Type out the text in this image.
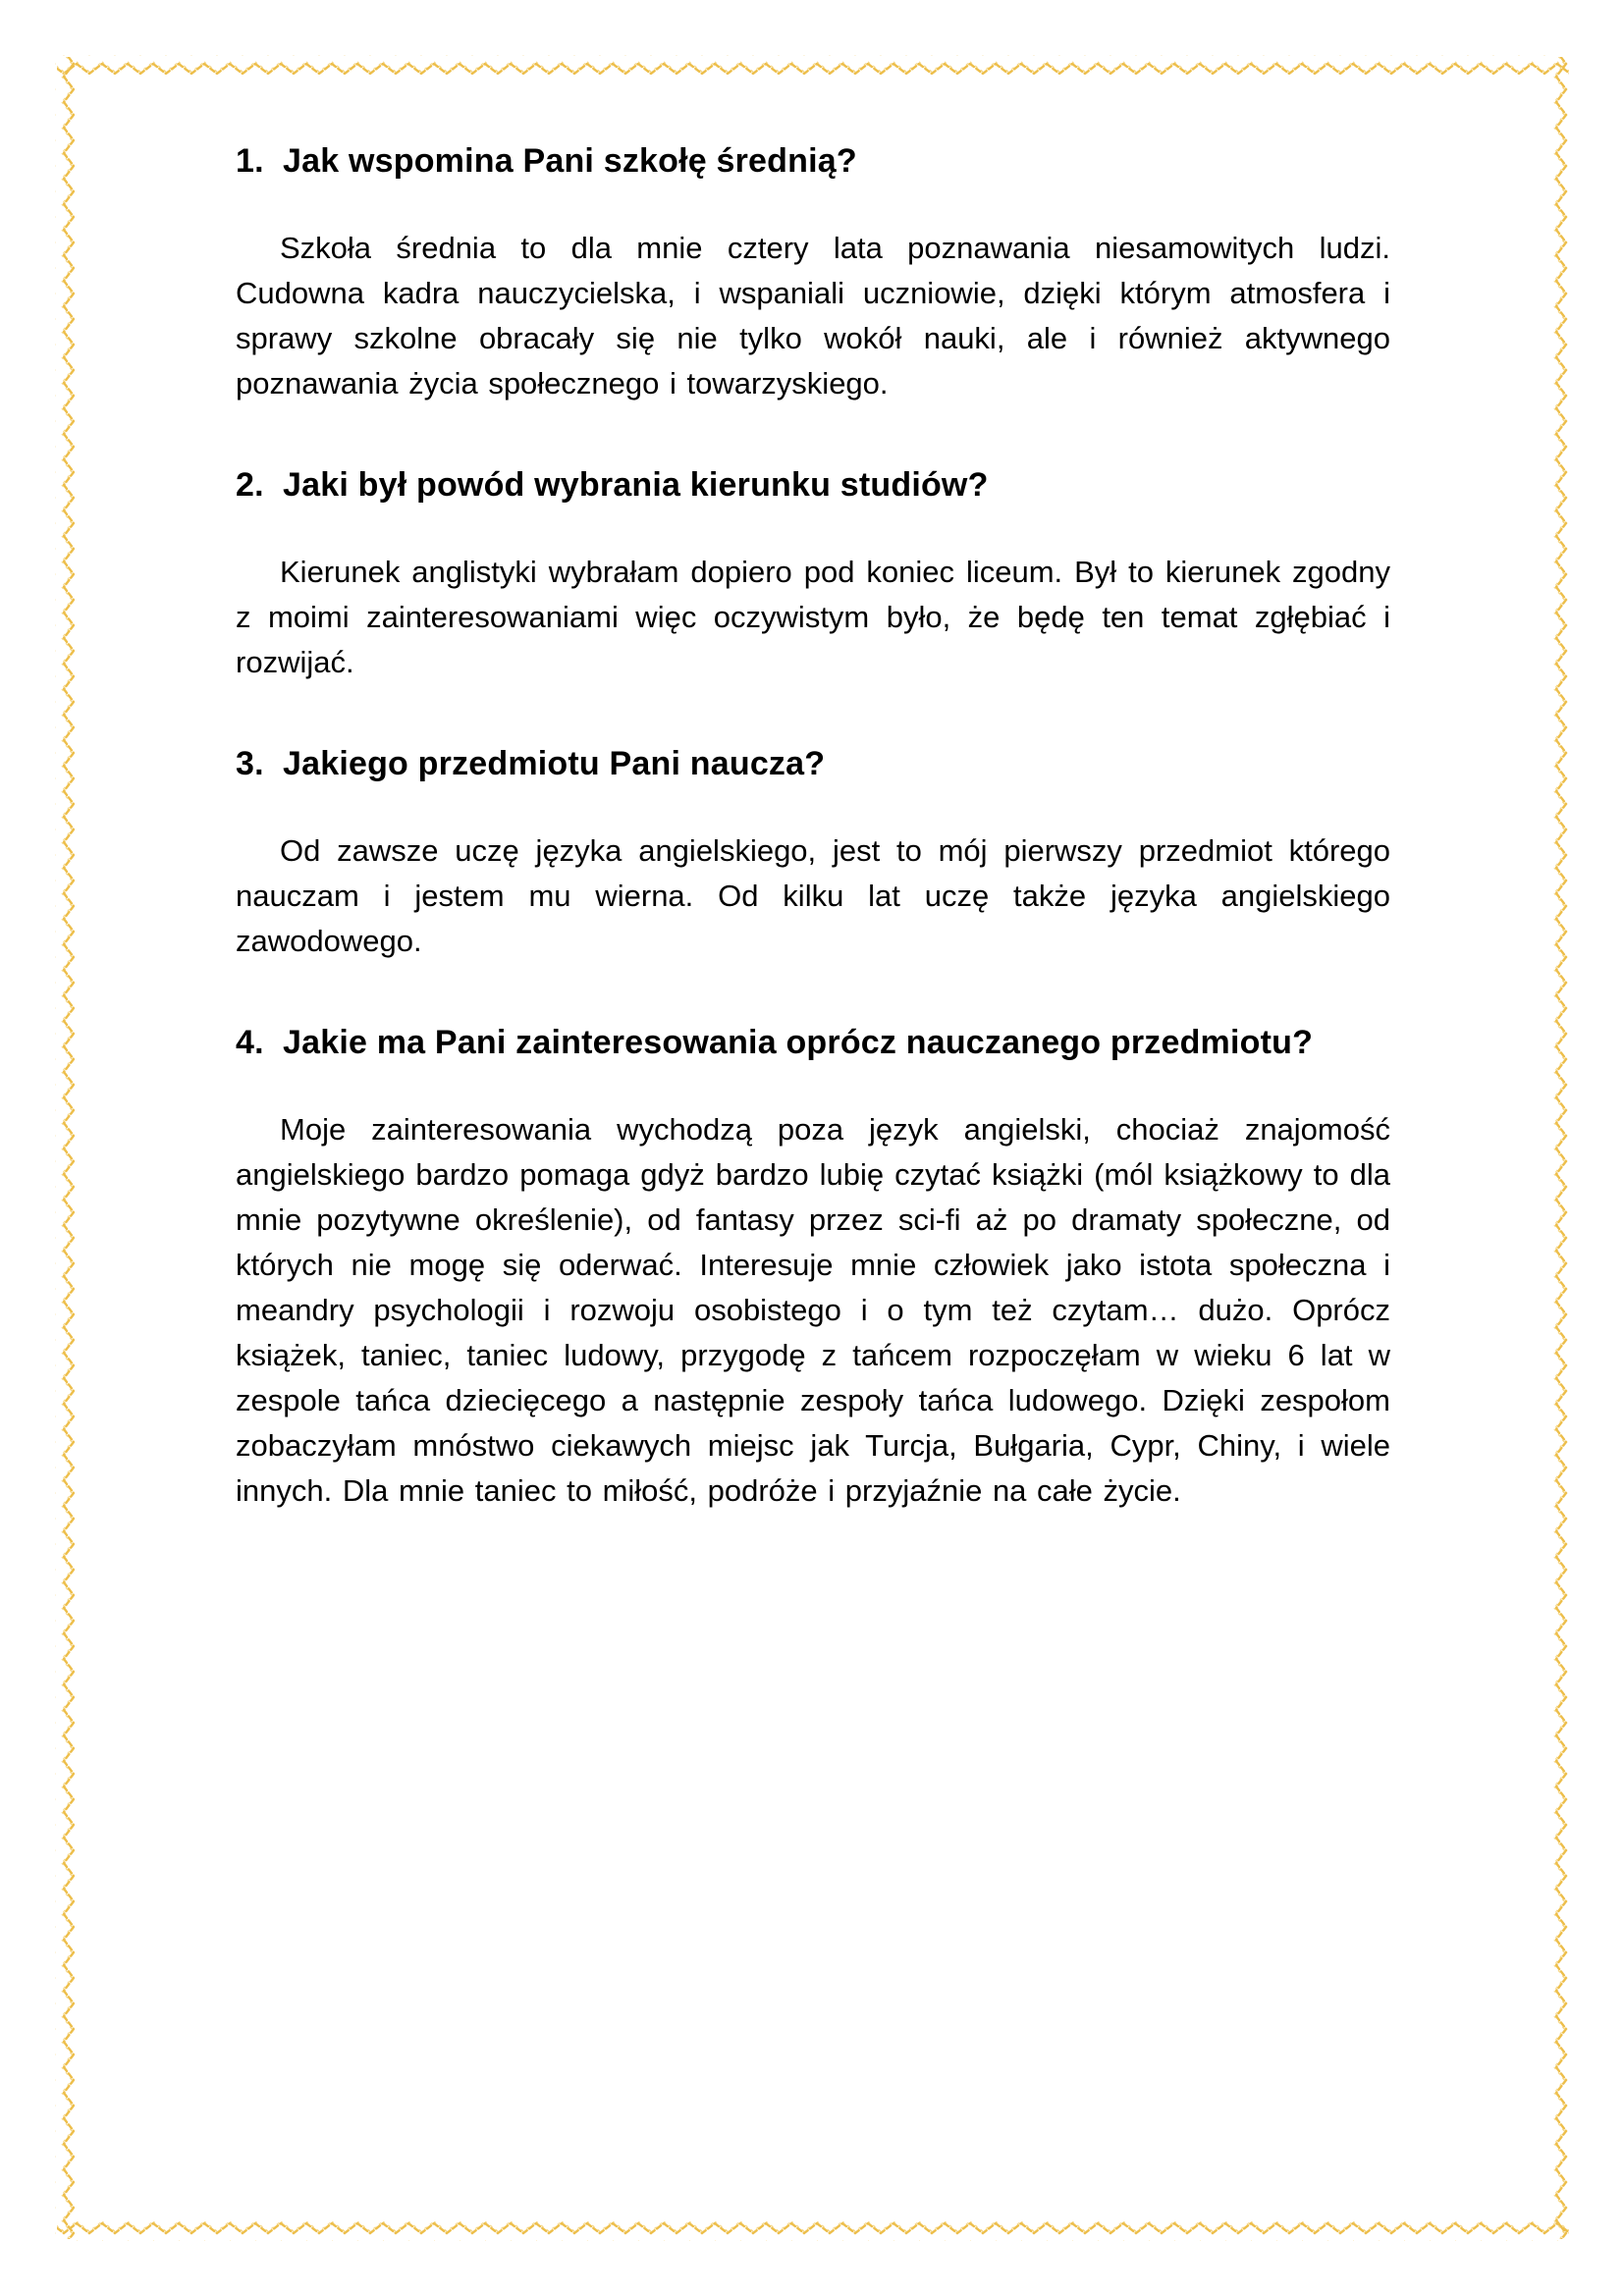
1. Jak wspomina Pani szkołę średnią?

Szkoła średnia to dla mnie cztery lata poznawania niesamowitych ludzi. Cudowna kadra nauczycielska, i wspaniali uczniowie, dzięki którym atmosfera i sprawy szkolne obracały się nie tylko wokół nauki, ale i również aktywnego poznawania życia społecznego i towarzyskiego.

2. Jaki był powód wybrania kierunku studiów?

Kierunek anglistyki wybrałam dopiero pod koniec liceum. Był to kierunek zgodny z moimi zainteresowaniami więc oczywistym było, że będę ten temat zgłębiać i rozwijać.

3. Jakiego przedmiotu Pani naucza?

Od zawsze uczę języka angielskiego, jest to mój pierwszy przedmiot którego nauczam i jestem mu wierna. Od kilku lat uczę także języka angielskiego zawodowego.

4. Jakie ma Pani zainteresowania oprócz nauczanego przedmiotu?

Moje zainteresowania wychodzą poza język angielski, chociaż znajomość angielskiego bardzo pomaga gdyż bardzo lubię czytać książki (mól książkowy to dla mnie pozytywne określenie), od fantasy przez sci-fi aż po dramaty społeczne, od których nie mogę się oderwać. Interesuje mnie człowiek jako istota społeczna i meandry psychologii i rozwoju osobistego i o tym też czytam… dużo. Oprócz książek, taniec, taniec ludowy, przygodę z tańcem rozpoczęłam w wieku 6 lat w zespole tańca dziecięcego a następnie zespoły tańca ludowego. Dzięki zespołom zobaczyłam mnóstwo ciekawych miejsc jak Turcja, Bułgaria, Cypr, Chiny, i wiele innych. Dla mnie taniec to miłość, podróże i przyjaźnie na całe życie.
